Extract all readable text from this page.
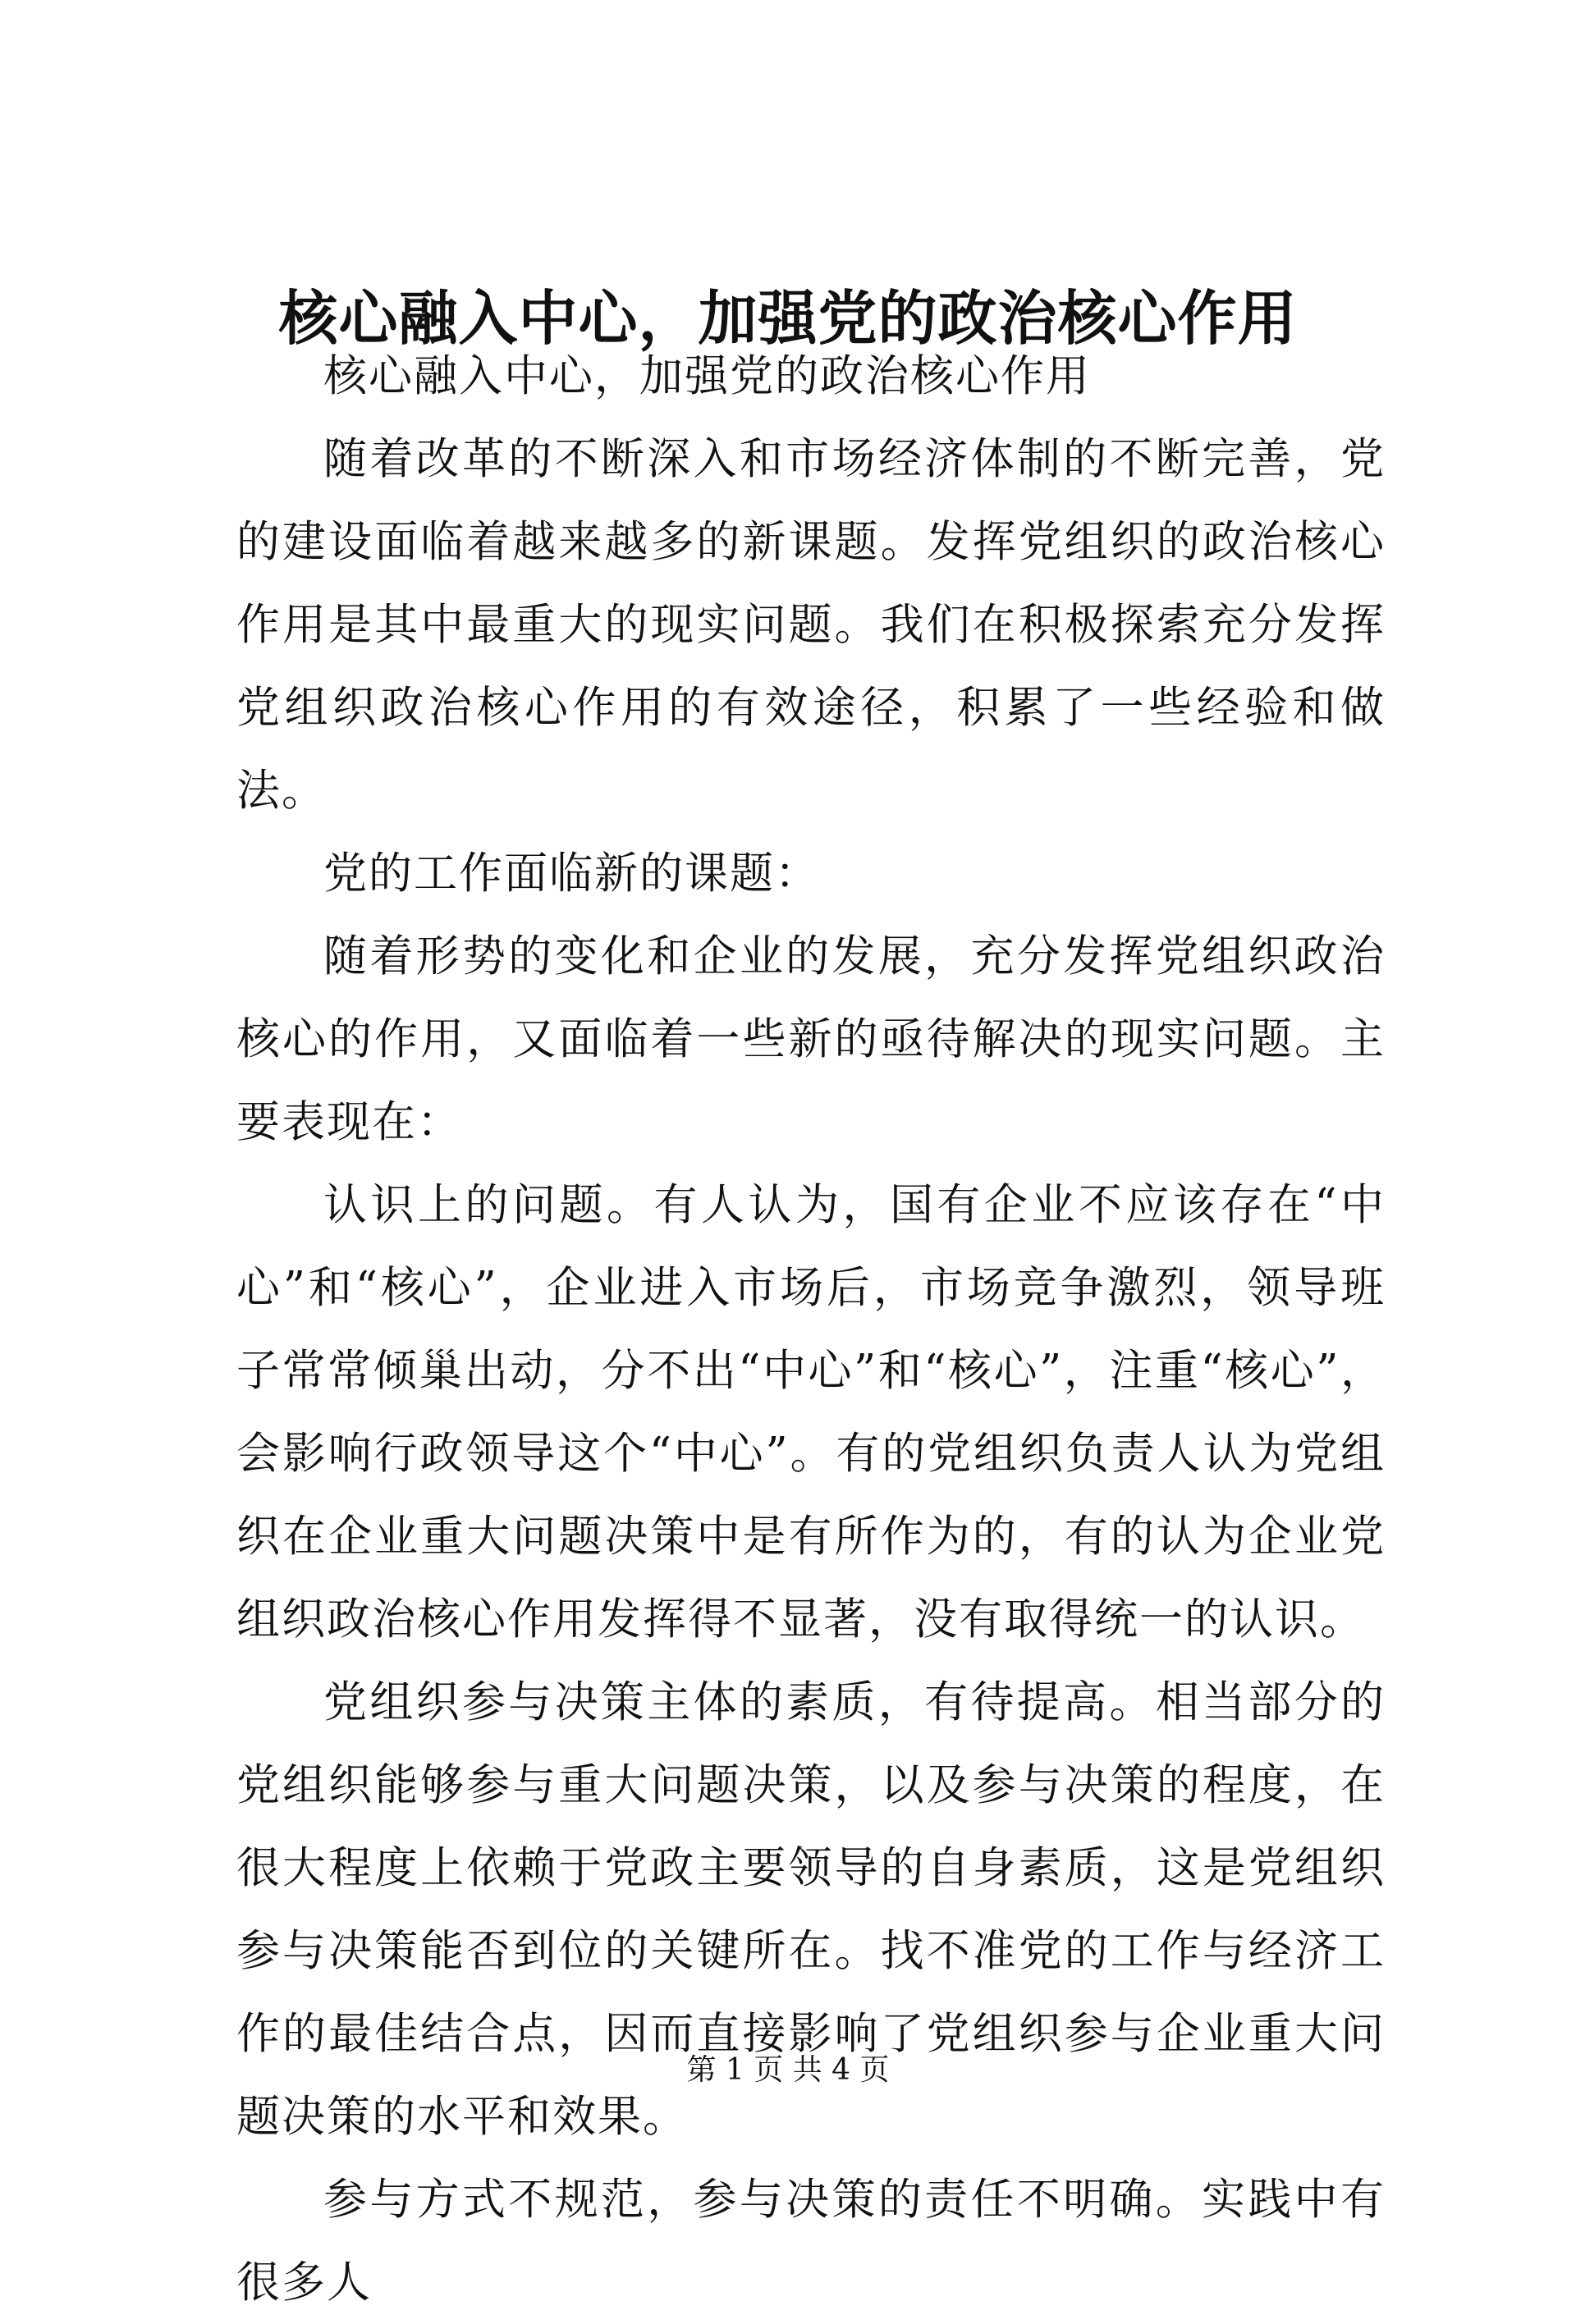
核心融入中心，加强党的政治核心作用

核心融入中心，加强党的政治核心作用

随着改革的不断深入和市场经济体制的不断完善，党的建设面临着越来越多的新课题。发挥党组织的政治核心作用是其中最重大的现实问题。我们在积极探索充分发挥党组织政治核心作用的有效途径，积累了一些经验和做法。

党的工作面临新的课题：

随着形势的变化和企业的发展，充分发挥党组织政治核心的作用，又面临着一些新的亟待解决的现实问题。主要表现在：

认识上的问题。有人认为，国有企业不应该存在“中心”和“核心”，企业进入市场后，市场竞争激烈，领导班子常常倾巢出动，分不出“中心”和“核心”，注重“核心”，会影响行政领导这个“中心”。有的党组织负责人认为党组织在企业重大问题决策中是有所作为的，有的认为企业党组织政治核心作用发挥得不显著，没有取得统一的认识。

党组织参与决策主体的素质，有待提高。相当部分的党组织能够参与重大问题决策，以及参与决策的程度，在很大程度上依赖于党政主要领导的自身素质，这是党组织参与决策能否到位的关键所在。找不准党的工作与经济工作的最佳结合点，因而直接影响了党组织参与企业重大问题决策的水平和效果。

参与方式不规范，参与决策的责任不明确。实践中有很多人

第 1 页 共 4 页
